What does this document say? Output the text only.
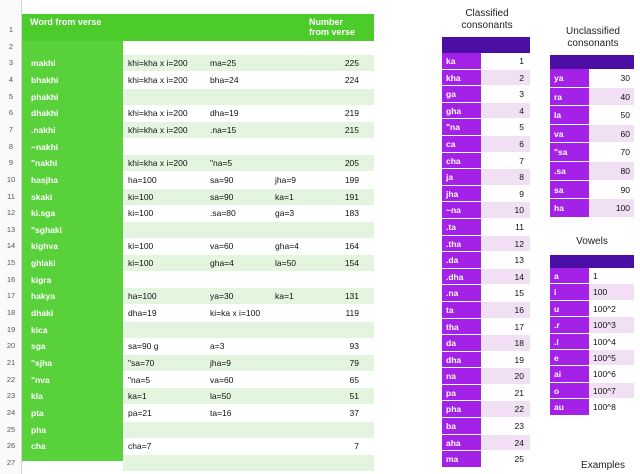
Word from verse	Number
from verse
1
2
3	makhi	khi=kha x i=200	ma=25	225
4	bhakhi	khi=kha x i=200	bha=24	224
5	phakhi
6	dhakhi	khi=kha x i=200	dha=19	219
7	.nakhi	khi=kha x i=200	.na=15	215
8	~nakhi
9	"nakhi	khi=kha x i=200	"na=5	205
10	hasjha	ha=100	sa=90	jha=9	199
11	skaki	ki=100	sa=90	ka=1	191
12	ki.sga	ki=100	.sa=80	ga=3	183
13	"sghaki
14	kighva	ki=100	va=60	gha=4	164
15	ghlaki	ki=100	gha=4	la=50	154
16	kigra
17	hakya	ha=100	ya=30	ka=1	131
18	dhaki	dha=19	ki=ka x i=100	119
19	kica
20	sga	sa=90 g	a=3	93
21	"sjha	"sa=70	jha=9	79
22	"nva	"na=5	va=60	65
23	kla	ka=1	la=50	51
24	pta	pa=21	ta=16	37
25	pha
26	cha	cha=7	7
27
Classified
consonants
ka	1
kha	2
ga	3
gha	4
"na	5
ca	6
cha	7
ja	8
jha	9
~na	10
.ta	11
.tha	12
.da	13
.dha	14
.na	15
ta	16
tha	17
da	18
dha	19
na	20
pa	21
pha	22
ba	23
aha	24
ma	25
Unclassified
consonants
ya	30
ra	40
la	50
va	60
"sa	70
.sa	80
sa	90
ha	100
Vowels
a	1
i	100
u	100^2
.r	100^3
.l	100^4
e	100^5
ai	100^6
o	100^7
au	100^8
Examples
